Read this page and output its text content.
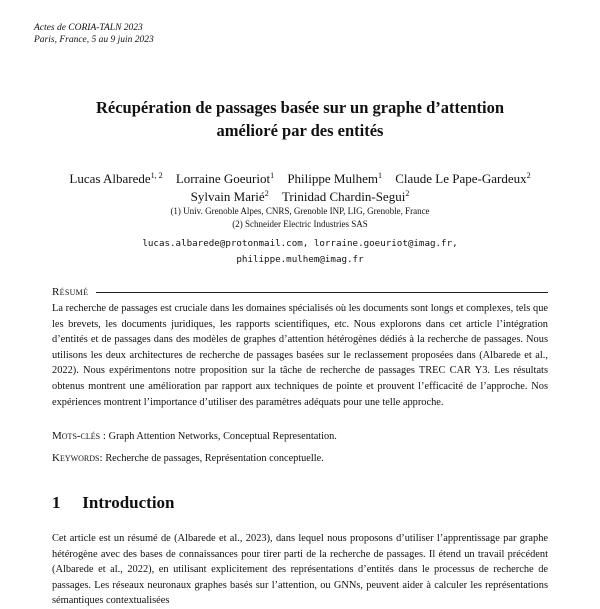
Actes de CORIA-TALN 2023
Paris, France, 5 au 9 juin 2023
Récupération de passages basée sur un graphe d’attention
amélioré par des entités
Lucas Albarede$^{1, 2}$ Lorraine Goeuriot$^1$ Philippe Mulhem$^1$ Claude Le Pape-Gardeux$^2$ Sylvain Marié$^2$ Trinidad Chardin-Segui$^2$
(1) Univ. Grenoble Alpes, CNRS, Grenoble INP, LIG, Grenoble, France
(2) Schneider Electric Industries SAS
lucas.albarede@protonmail.com, lorraine.goeuriot@imag.fr,
philippe.mulhem@imag.fr
Résumé
La recherche de passages est cruciale dans les domaines spécialisés où les documents sont longs et complexes, tels que les brevets, les documents juridiques, les rapports scientifiques, etc. Nous explorons dans cet article l’intégration d’entités et de passages dans des modèles de graphes d’attention hétérogènes dédiés à la recherche de passages. Nous utilisons les deux architectures de recherche de passages basées sur le reclassement proposées dans (Albarede et al., 2022). Nous expérimentons notre proposition sur la tâche de recherche de passages TREC CAR Y3. Les résultats obtenus montrent une amélioration par rapport aux techniques de pointe et prouvent l’efficacité de l’approche. Nos expériences montrent l’importance d’utiliser des paramètres adéquats pour une telle approche.
Mots-clés : Graph Attention Networks, Conceptual Representation.
Keywords: Recherche de passages, Représentation conceptuelle.
1 Introduction
Cet article est un résumé de (Albarede et al., 2023), dans lequel nous proposons d’utiliser l’apprentissage par graphe hétérogène avec des bases de connaissances pour tirer parti de la recherche de passages. Il étend un travail précédent (Albarede et al., 2022), en utilisant explicitement des représentations d’entités dans le processus de recherche de passages. Les réseaux neuronaux graphes basés sur l’attention, ou GNNs, peuvent aider à calculer les représentations sémantiques contextualisées
